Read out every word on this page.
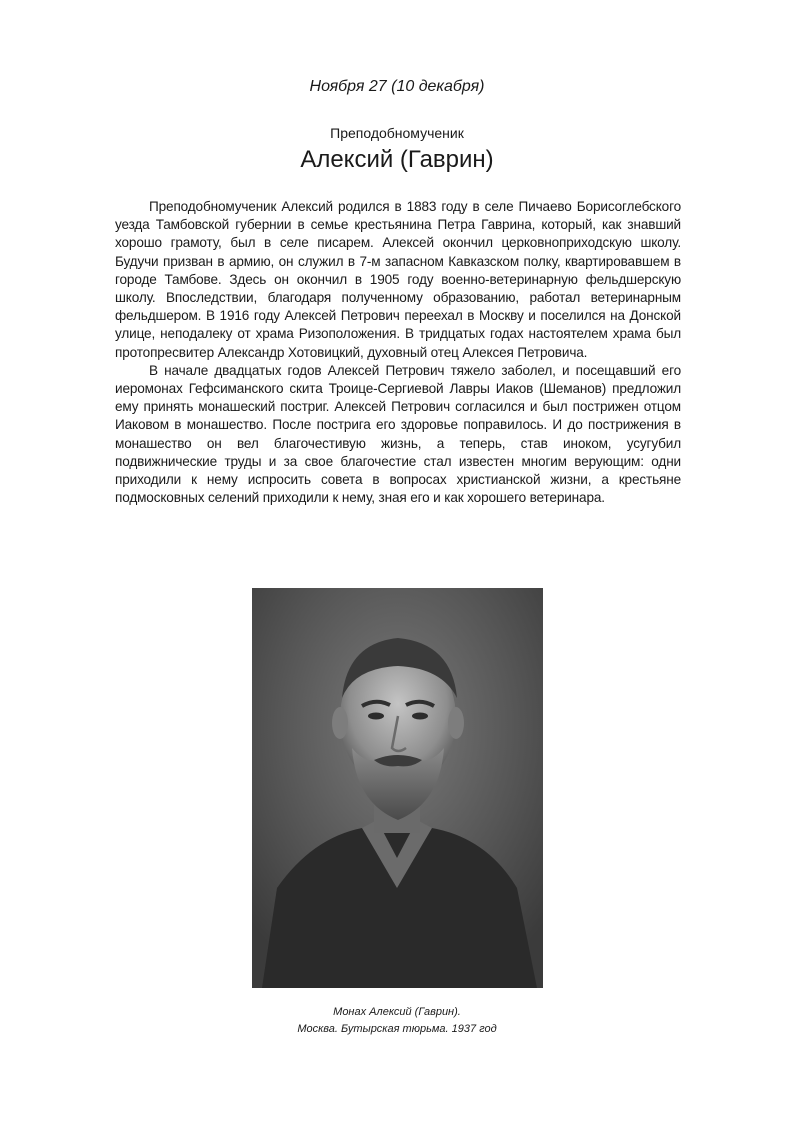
Ноября 27 (10 декабря)
Преподобномученик
Алексий (Гаврин)

Преподобномученик Алексий родился в 1883 году в селе Пичаево Борисоглебского уезда Тамбовской губернии в семье крестьянина Петра Гаврина, который, как знавший хорошо грамоту, был в селе писарем. Алексей окончил церковноприходскую школу. Будучи призван в армию, он служил в 7-м запасном Кавказском полку, квартировавшем в городе Тамбове. Здесь он окончил в 1905 году военно-ветеринарную фельдшерскую школу. Впоследствии, благодаря полученному образованию, работал ветеринарным фельдшером. В 1916 году Алексей Петрович переехал в Москву и поселился на Донской улице, неподалеку от храма Ризоположения. В тридцатых годах настоятелем храма был протопресвитер Александр Хотовицкий, духовный отец Алексея Петровича.

В начале двадцатых годов Алексей Петрович тяжело заболел, и посещавший его иеромонах Гефсиманского скита Троице-Сергиевой Лавры Иаков (Шеманов) предложил ему принять монашеский постриг. Алексей Петрович согласился и был пострижен отцом Иаковом в монашество. После пострига его здоровье поправилось. И до пострижения в монашество он вел благочестивую жизнь, а теперь, став иноком, усугубил подвижнические труды и за свое благочестие стал известен многим верующим: одни приходили к нему испросить совета в вопросах христианской жизни, а крестьяне подмосковных селений приходили к нему, зная его и как хорошего ветеринара.

Монах Алексий (Гаврин).
Москва. Бутырская тюрьма. 1937 год
